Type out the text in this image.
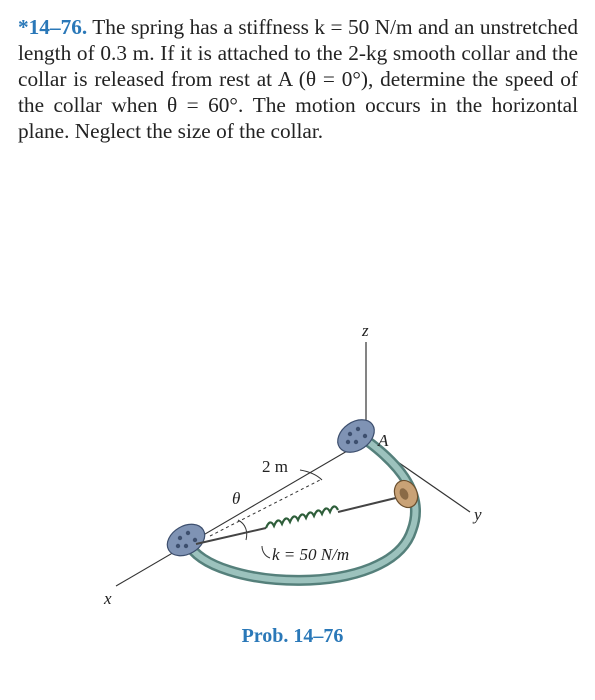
*14–76. The spring has a stiffness k = 50 N/m and an unstretched length of 0.3 m. If it is attached to the 2-kg smooth collar and the collar is released from rest at A (θ = 0°), determine the speed of the collar when θ = 60°. The motion occurs in the horizontal plane. Neglect the size of the collar.
z
y
x
A
2 m
θ
k = 50 N/m
Prob. 14–76
